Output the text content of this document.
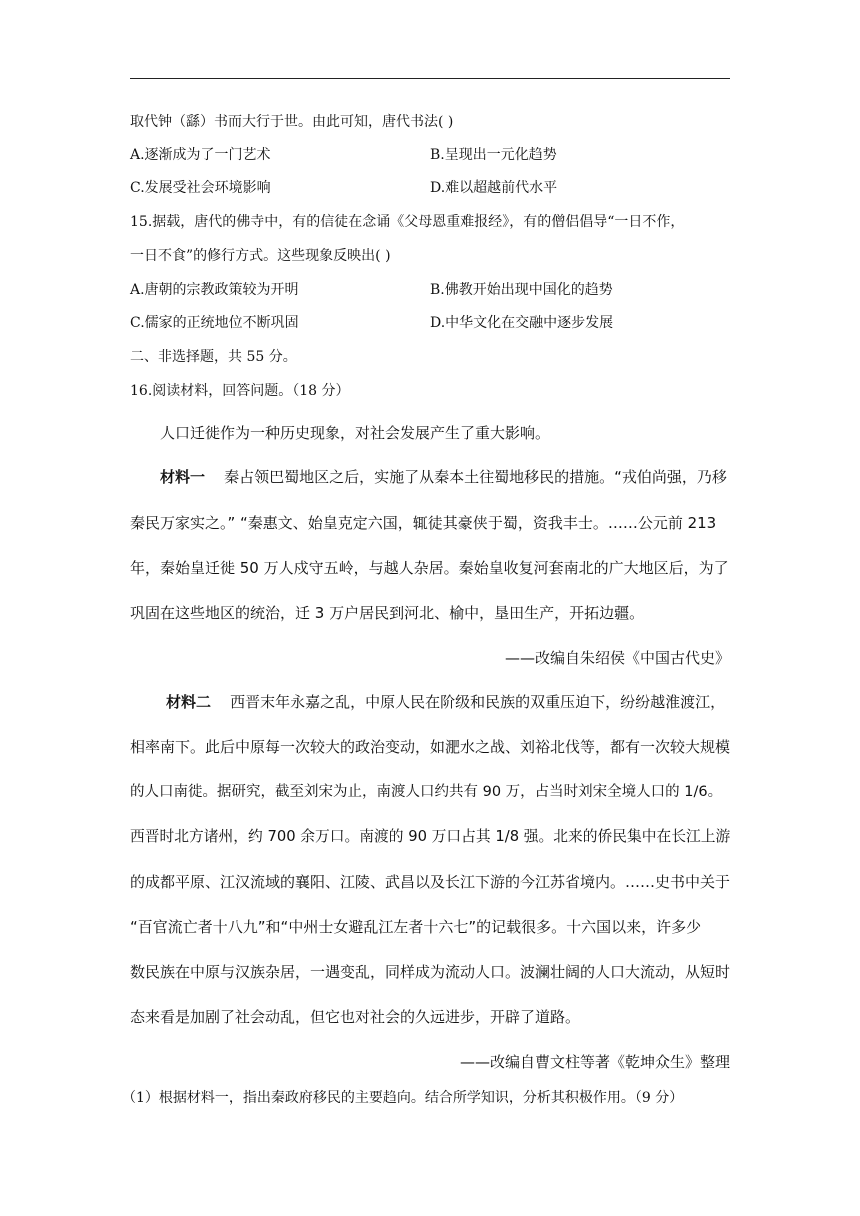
取代钟（繇）书而大行于世。由此可知，唐代书法( )
A.逐渐成为了一门艺术	B.呈现出一元化趋势
C.发展受社会环境影响	D.难以超越前代水平
15.据载，唐代的佛寺中，有的信徒在念诵《父母恩重难报经》，有的僧侣倡导“一日不作，
一日不食”的修行方式。这些现象反映出( )
A.唐朝的宗教政策较为开明	B.佛教开始出现中国化的趋势
C.儒家的正统地位不断巩固	D.中华文化在交融中逐步发展
二、非选择题，共 55 分。
16.阅读材料，回答问题。（18 分）
人口迁徙作为一种历史现象，对社会发展产生了重大影响。
材料一 秦占领巴蜀地区之后，实施了从秦本土往蜀地移民的措施。“戎伯尚强，乃移
秦民万家实之。” “秦惠文、始皇克定六国，辄徒其豪侠于蜀，资我丰士。……公元前 213
年，秦始皇迁徙 50 万人戍守五岭，与越人杂居。秦始皇收复河套南北的广大地区后，为了
巩固在这些地区的统治，迁 3 万户居民到河北、榆中，垦田生产，开拓边疆。
——改编自朱绍侯《中国古代史》
材料二 西晋末年永嘉之乱，中原人民在阶级和民族的双重压迫下，纷纷越淮渡江，
相率南下。此后中原每一次较大的政治变动，如淝水之战、刘裕北伐等，都有一次较大规模
的人口南徙。据研究，截至刘宋为止，南渡人口约共有 90 万，占当时刘宋全境人口的 1/6。
西晋时北方诸州，约 700 余万口。南渡的 90 万口占其 1/8 强。北来的侨民集中在长江上游
的成都平原、江汉流域的襄阳、江陵、武昌以及长江下游的今江苏省境内。……史书中关于
“百官流亡者十八九”和“中州士女避乱江左者十六七”的记载很多。十六国以来，许多少
数民族在中原与汉族杂居，一遇变乱，同样成为流动人口。波澜壮阔的人口大流动，从短时
态来看是加剧了社会动乱，但它也对社会的久远进步，开辟了道路。
——改编自曹文柱等著《乾坤众生》整理
（1）根据材料一，指出秦政府移民的主要趋向。结合所学知识，分析其积极作用。（9 分）
